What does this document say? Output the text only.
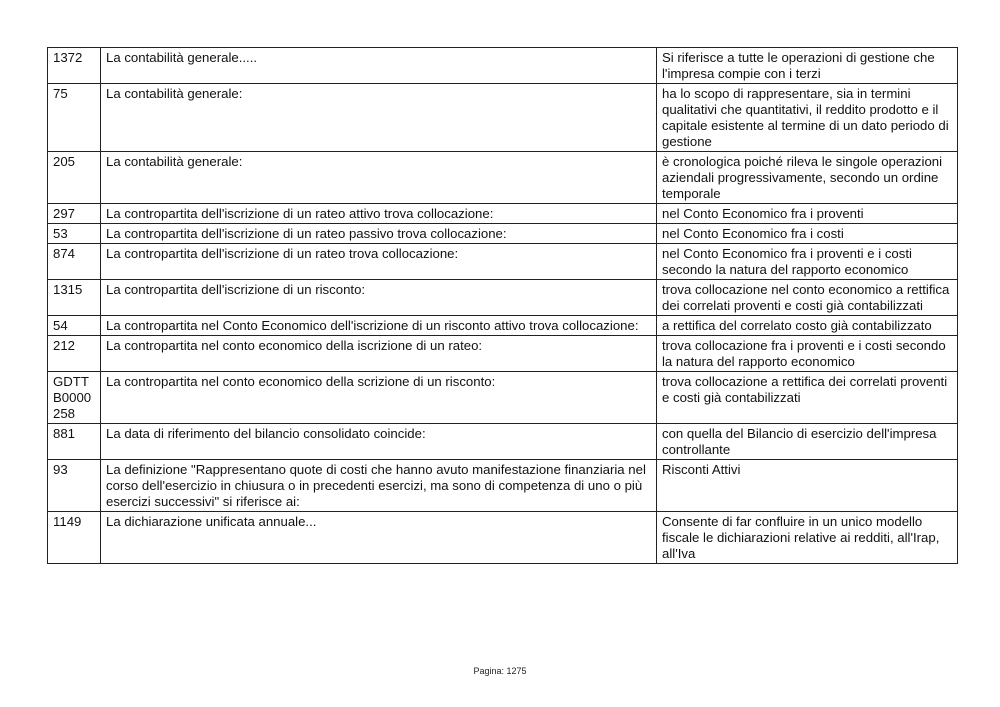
1372	La contabilità generale.....	Si riferisce a tutte le operazioni di gestione che l'impresa compie con i terzi
75	La contabilità generale:	ha lo scopo di rappresentare, sia in termini qualitativi che quantitativi, il reddito prodotto e il capitale esistente al termine di un dato periodo di gestione
205	La contabilità generale:	è cronologica poiché rileva le singole operazioni aziendali progressivamente, secondo un ordine temporale
297	La contropartita dell'iscrizione di un rateo attivo trova collocazione:	nel Conto Economico fra i proventi
53	La contropartita dell'iscrizione di un rateo passivo trova collocazione:	nel Conto Economico fra i costi
874	La contropartita dell'iscrizione di un rateo trova collocazione:	nel Conto Economico fra i proventi e i costi secondo la natura del rapporto economico
1315	La contropartita dell'iscrizione di un risconto:	trova collocazione nel conto economico a rettifica dei correlati proventi e costi già contabilizzati
54	La contropartita nel Conto Economico dell'iscrizione di un risconto attivo trova collocazione:	a rettifica del correlato costo già contabilizzato
212	La contropartita nel conto economico della iscrizione di un rateo:	trova collocazione fra i proventi e i costi secondo la natura del rapporto economico
GDTT B0000 258	La contropartita nel conto economico della scrizione di un risconto:	trova collocazione a rettifica dei correlati proventi e costi già contabilizzati
881	La data di riferimento del bilancio consolidato coincide:	con quella del Bilancio di esercizio dell'impresa controllante
93	La definizione "Rappresentano quote di costi che hanno avuto manifestazione finanziaria nel corso dell'esercizio in chiusura o in precedenti esercizi, ma sono di competenza di uno o più esercizi successivi" si riferisce ai:	Risconti Attivi
1149	La dichiarazione unificata annuale...	Consente di far confluire in un unico modello fiscale le dichiarazioni relative ai redditi, all'Irap, all'Iva
Pagina: 1275
